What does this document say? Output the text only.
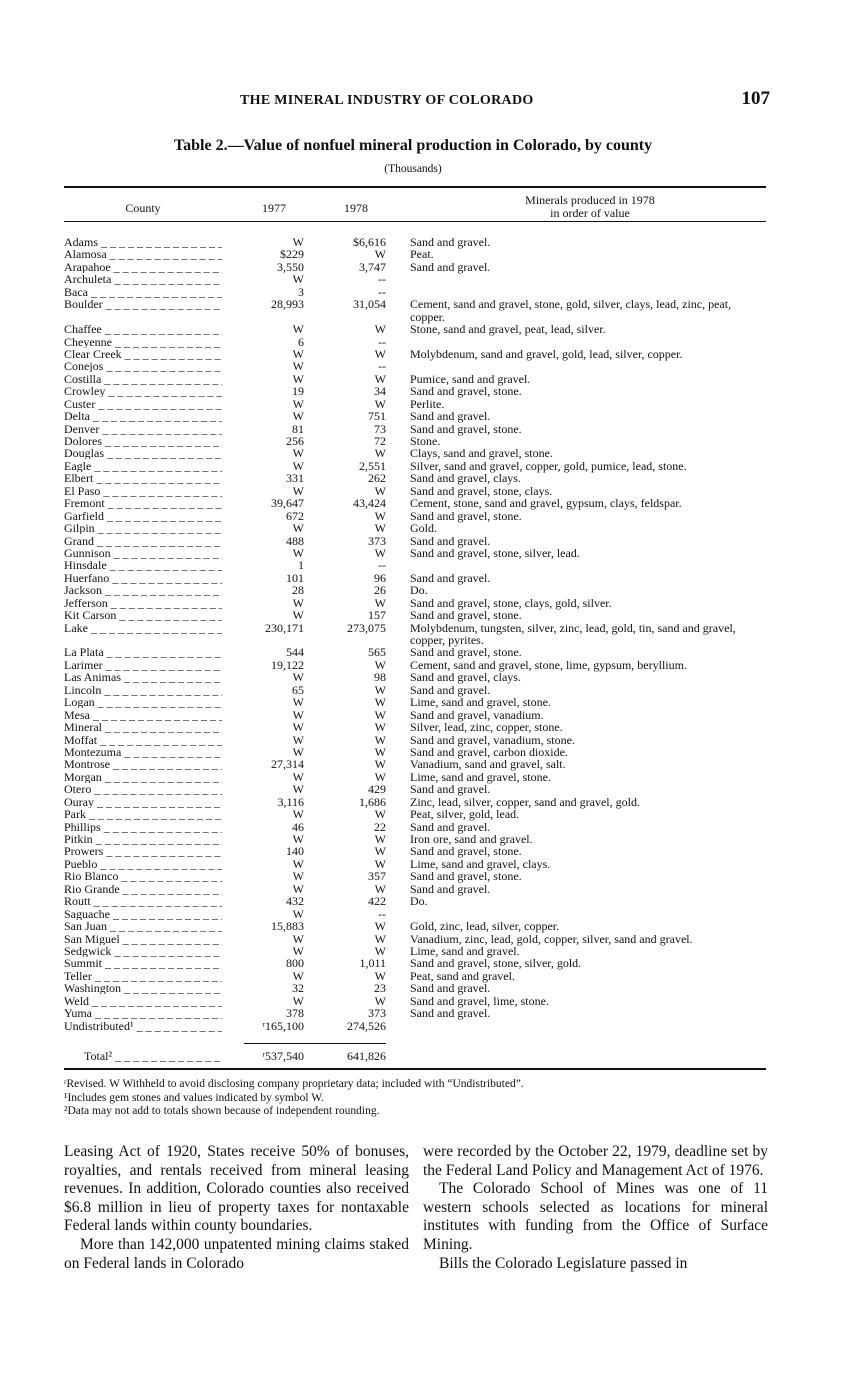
THE MINERAL INDUSTRY OF COLORADO	107
Table 2.—Value of nonfuel mineral production in Colorado, by county
(Thousands)
County	1977	1978
Minerals produced in 1978
in order of value
Adams _ _ _	W	$6,616 Sand and gravel.
Alamosa _ _ _	$229	W Peat.
Arapahoe _ _ _	3,550	3,747 Sand and gravel.
Archuleta _ _ _	W	--
Baca _ _ _	3	--
Boulder _ _ _	28,993	31,054 Cement, sand and gravel, stone, gold, silver, clays, lead, zinc, peat, copper.
Chaffee _ _ _	W	W Stone, sand and gravel, peat, lead, silver.
Cheyenne _ _ _	6	--
Clear Creek _ _ _	W	W Molybdenum, sand and gravel, gold, lead, silver, copper.
Conejos _ _ _	W	--
Costilla _ _ _	W	W Pumice, sand and gravel.
Crowley _ _ _	19	34 Sand and gravel, stone.
Custer _ _ _	W	W Perlite.
Delta _ _ _	W	751 Sand and gravel.
Denver _ _ _	81	73 Sand and gravel, stone.
Dolores _ _ _	256	72 Stone.
Douglas _ _ _	W	W Clays, sand and gravel, stone.
Eagle _ _ _	W	2,551 Silver, sand and gravel, copper, gold, pumice, lead, stone.
Elbert _ _ _	331	262 Sand and gravel, clays.
El Paso _ _ _	W	W Sand and gravel, stone, clays.
Fremont _ _ _	39,647	43,424 Cement, stone, sand and gravel, gypsum, clays, feldspar.
Garfield _ _ _	672	W Sand and gravel, stone.
Gilpin _ _ _	W	W Gold.
Grand _ _ _	488	373 Sand and gravel.
Gunnison _ _ _	W	W Sand and gravel, stone, silver, lead.
Hinsdale _ _ _	1	--
Huerfano _ _ _	101	96 Sand and gravel.
Jackson _ _ _	28	26 Do.
Jefferson _ _ _	W	W Sand and gravel, stone, clays, gold, silver.
Kit Carson _ _ _	W	157 Sand and gravel, stone.
Lake _ _ _	230,171	273,075 Molybdenum, tungsten, silver, zinc, lead, gold, tin, sand and gravel, copper, pyrites.
La Plata _ _ _	544	565 Sand and gravel, stone.
Larimer _ _ _	19,122	W Cement, sand and gravel, stone, lime, gypsum, beryllium.
Las Animas _ _ _	W	98 Sand and gravel, clays.
Lincoln _ _ _	65	W Sand and gravel.
Logan _ _ _	W	W Lime, sand and gravel, stone.
Mesa _ _ _	W	W Sand and gravel, vanadium.
Mineral _ _ _	W	W Silver, lead, zinc, copper, stone.
Moffat _ _ _	W	W Sand and gravel, vanadium, stone.
Montezuma _ _ _	W	W Sand and gravel, carbon dioxide.
Montrose _ _ _	27,314	W Vanadium, sand and gravel, salt.
Morgan _ _ _	W	W Lime, sand and gravel, stone.
Otero _ _ _	W	429 Sand and gravel.
Ouray _ _ _	3,116	1,686 Zinc, lead, silver, copper, sand and gravel, gold.
Park _ _ _	W	W Peat, silver, gold, lead.
Phillips _ _ _	46	22 Sand and gravel.
Pitkin _ _ _	W	W Iron ore, sand and gravel.
Prowers _ _ _	140	W Sand and gravel, stone.
Pueblo _ _ _	W	W Lime, sand and gravel, clays.
Rio Blanco _ _ _	W	357 Sand and gravel, stone.
Rio Grande _ _ _	W	W Sand and gravel.
Routt _ _ _	432	422 Do.
Saguache _ _ _	W	--
San Juan _ _ _	15,883	W Gold, zinc, lead, silver, copper.
San Miguel _ _ _	W	W Vanadium, zinc, lead, gold, copper, silver, sand and gravel.
Sedgwick _ _ _	W	W Lime, sand and gravel.
Summit _ _ _	800	1,011 Sand and gravel, stone, silver, gold.
Teller _ _ _	W	W Peat, sand and gravel.
Washington _ _ _	32	23 Sand and gravel.
Weld _ _ _	W	W Sand and gravel, lime, stone.
Yuma _ _ _	378	373 Sand and gravel.
Undistributed¹ _ _ _	ʳ165,100	274,526
Total² _ _ _	ʳ537,540	641,826
ʳRevised. W Withheld to avoid disclosing company proprietary data; included with “Undistributed”.
¹Includes gem stones and values indicated by symbol W.
²Data may not add to totals shown because of independent rounding.

Leasing Act of 1920, States receive 50% of bonuses, royalties, and rentals received from mineral leasing revenues. In addition, Colorado counties also received $6.8 million in lieu of property taxes for nontaxable Federal lands within county boundaries.

More than 142,000 unpatented mining claims staked on Federal lands in Colorado

were recorded by the October 22, 1979, deadline set by the Federal Land Policy and Management Act of 1976.

The Colorado School of Mines was one of 11 western schools selected as locations for mineral institutes with funding from the Office of Surface Mining.

Bills the Colorado Legislature passed in
